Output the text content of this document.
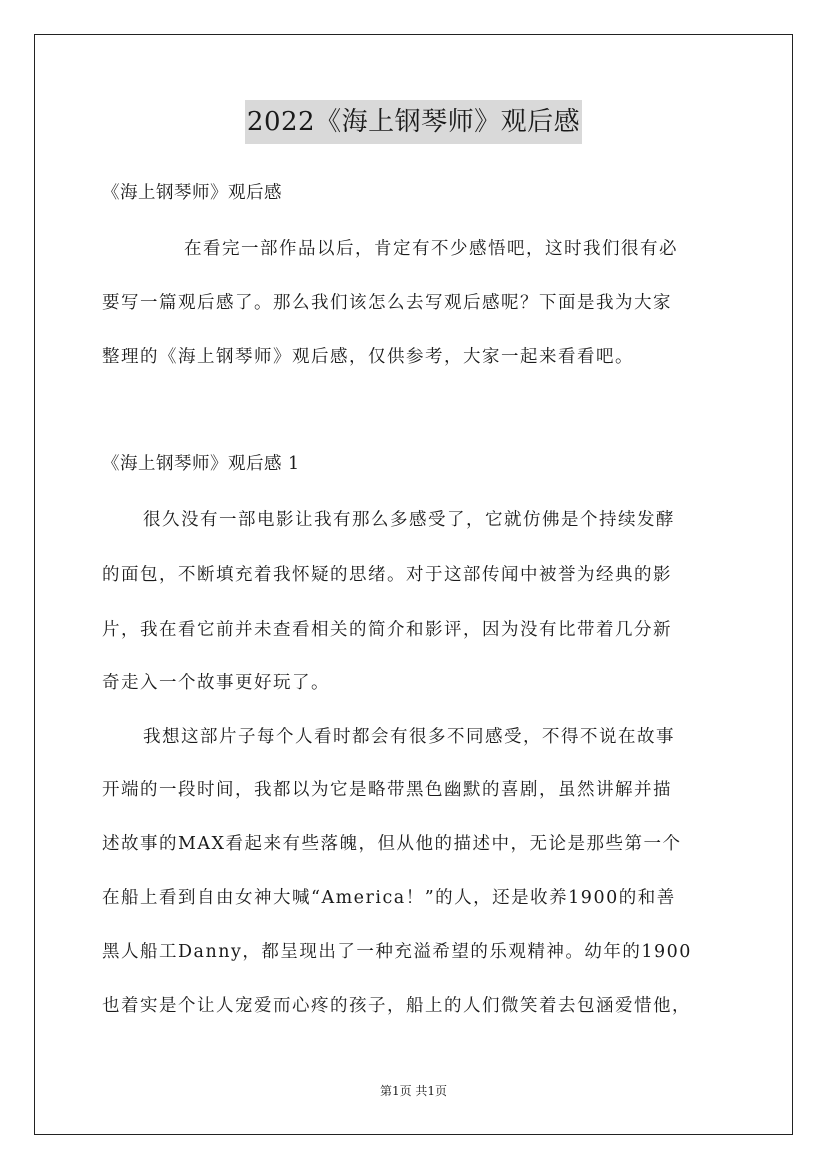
2022《海上钢琴师》观后感
《海上钢琴师》观后感
在看完一部作品以后，肯定有不少感悟吧，这时我们很有必
要写一篇观后感了。那么我们该怎么去写观后感呢？下面是我为大家
整理的《海上钢琴师》观后感，仅供参考，大家一起来看看吧。
《海上钢琴师》观后感 1
很久没有一部电影让我有那么多感受了，它就仿佛是个持续发酵
的面包，不断填充着我怀疑的思绪。对于这部传闻中被誉为经典的影
片，我在看它前并未查看相关的简介和影评，因为没有比带着几分新
奇走入一个故事更好玩了。
我想这部片子每个人看时都会有很多不同感受，不得不说在故事
开端的一段时间，我都以为它是略带黑色幽默的喜剧，虽然讲解并描
述故事的MAX看起来有些落魄，但从他的描述中，无论是那些第一个
在船上看到自由女神大喊“America！”的人，还是收养1900的和善
黑人船工Danny，都呈现出了一种充溢希望的乐观精神。幼年的1900
也着实是个让人宠爱而心疼的孩子，船上的人们微笑着去包涵爱惜他，
第1页 共1页
